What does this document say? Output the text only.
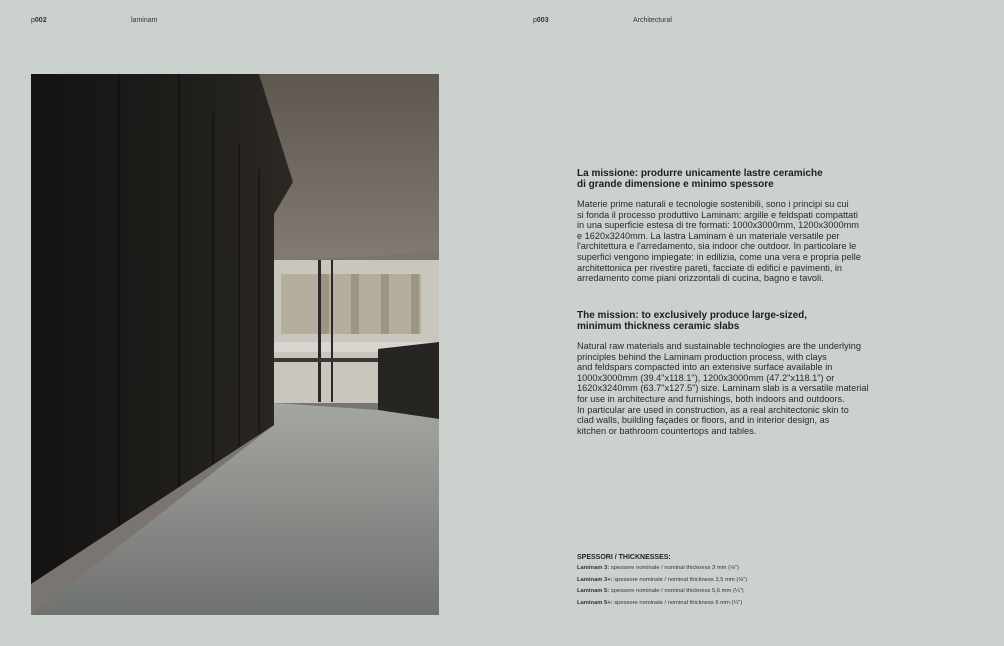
p002	laminam	p003	Architectural
La missione: produrre unicamente lastre ceramiche
di grande dimensione e minimo spessore

Materie prime naturali e tecnologie sostenibili, sono i principi su cui
si fonda il processo produttivo Laminam: argille e feldspati compattati
in una superficie estesa di tre formati: 1000x3000mm, 1200x3000mm
e 1620x3240mm. La lastra Laminam è un materiale versatile per
l'architettura e l'arredamento, sia indoor che outdoor. In particolare le
superfici vengono impiegate: in edilizia, come una vera e propria pelle
architettonica per rivestire pareti, facciate di edifici e pavimenti, in
arredamento come piani orizzontali di cucina, bagno e tavoli.

The mission: to exclusively produce large-sized,
minimum thickness ceramic slabs

Natural raw materials and sustainable technologies are the underlying
principles behind the Laminam production process, with clays
and feldspars compacted into an extensive surface available in
1000x3000mm (39.4"x118.1"), 1200x3000mm (47.2"x118.1") or
1620x3240mm (63.7"x127.5") size. Laminam slab is a versatile material
for use in architecture and furnishings, both indoors and outdoors.
In particular are used in construction, as a real architectonic skin to
clad walls, building façades or floors, and in interior design, as
kitchen or bathroom countertops and tables.

SPESSORI / THICKNESSES:
Laminam 3: spessore nominale / nominal thickness 3 mm (⅛")
Laminam 3+: spessore nominale / nominal thickness 3,5 mm (⅛")
Laminam 5: spessore nominale / nominal thickness 5,6 mm (¼")
Laminam 5+: spessore nominale / nominal thickness 6 mm (¼")
